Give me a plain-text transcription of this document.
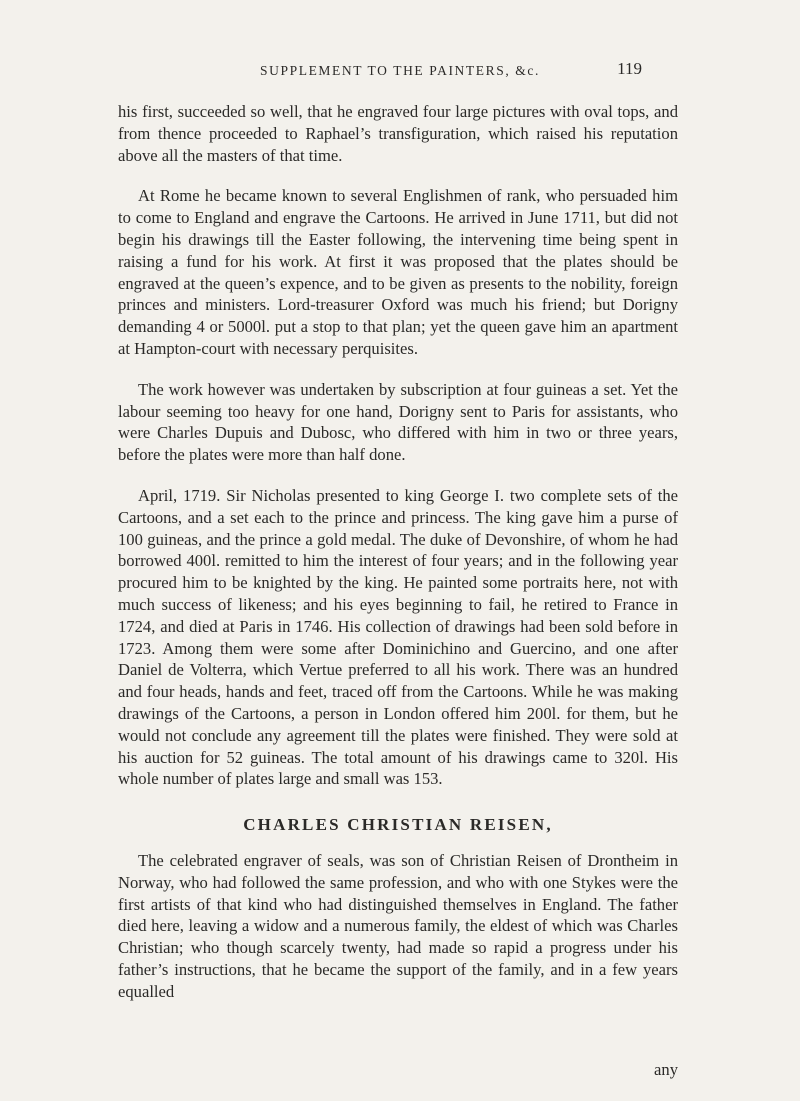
SUPPLEMENT TO THE PAINTERS, &c.	119

his first, succeeded so well, that he engraved four large pictures with oval tops, and from thence proceeded to Raphael’s transfiguration, which raised his reputation above all the masters of that time.

At Rome he became known to several Englishmen of rank, who persuaded him to come to England and engrave the Cartoons. He arrived in June 1711, but did not begin his drawings till the Easter following, the intervening time being spent in raising a fund for his work. At first it was proposed that the plates should be engraved at the queen’s expence, and to be given as presents to the nobility, foreign princes and ministers. Lord-treasurer Oxford was much his friend; but Dorigny demanding 4 or 5000l. put a stop to that plan; yet the queen gave him an apartment at Hampton-court with necessary perquisites.

The work however was undertaken by subscription at four guineas a set. Yet the labour seeming too heavy for one hand, Dorigny sent to Paris for assistants, who were Charles Dupuis and Dubosc, who differed with him in two or three years, before the plates were more than half done.

April, 1719. Sir Nicholas presented to king George I. two complete sets of the Cartoons, and a set each to the prince and princess. The king gave him a purse of 100 guineas, and the prince a gold medal. The duke of Devonshire, of whom he had borrowed 400l. remitted to him the interest of four years; and in the following year procured him to be knighted by the king. He painted some portraits here, not with much success of likeness; and his eyes beginning to fail, he retired to France in 1724, and died at Paris in 1746. His collection of drawings had been sold before in 1723. Among them were some after Dominichino and Guercino, and one after Daniel de Volterra, which Vertue preferred to all his work. There was an hundred and four heads, hands and feet, traced off from the Cartoons. While he was making drawings of the Cartoons, a person in London offered him 200l. for them, but he would not conclude any agreement till the plates were finished. They were sold at his auction for 52 guineas. The total amount of his drawings came to 320l. His whole number of plates large and small was 153.

CHARLES CHRISTIAN REISEN,

The celebrated engraver of seals, was son of Christian Reisen of Drontheim in Norway, who had followed the same profession, and who with one Stykes were the first artists of that kind who had distinguished themselves in England. The father died here, leaving a widow and a numerous family, the eldest of which was Charles Christian; who though scarcely twenty, had made so rapid a progress under his father’s instructions, that he became the support of the family, and in a few years equalled

any
